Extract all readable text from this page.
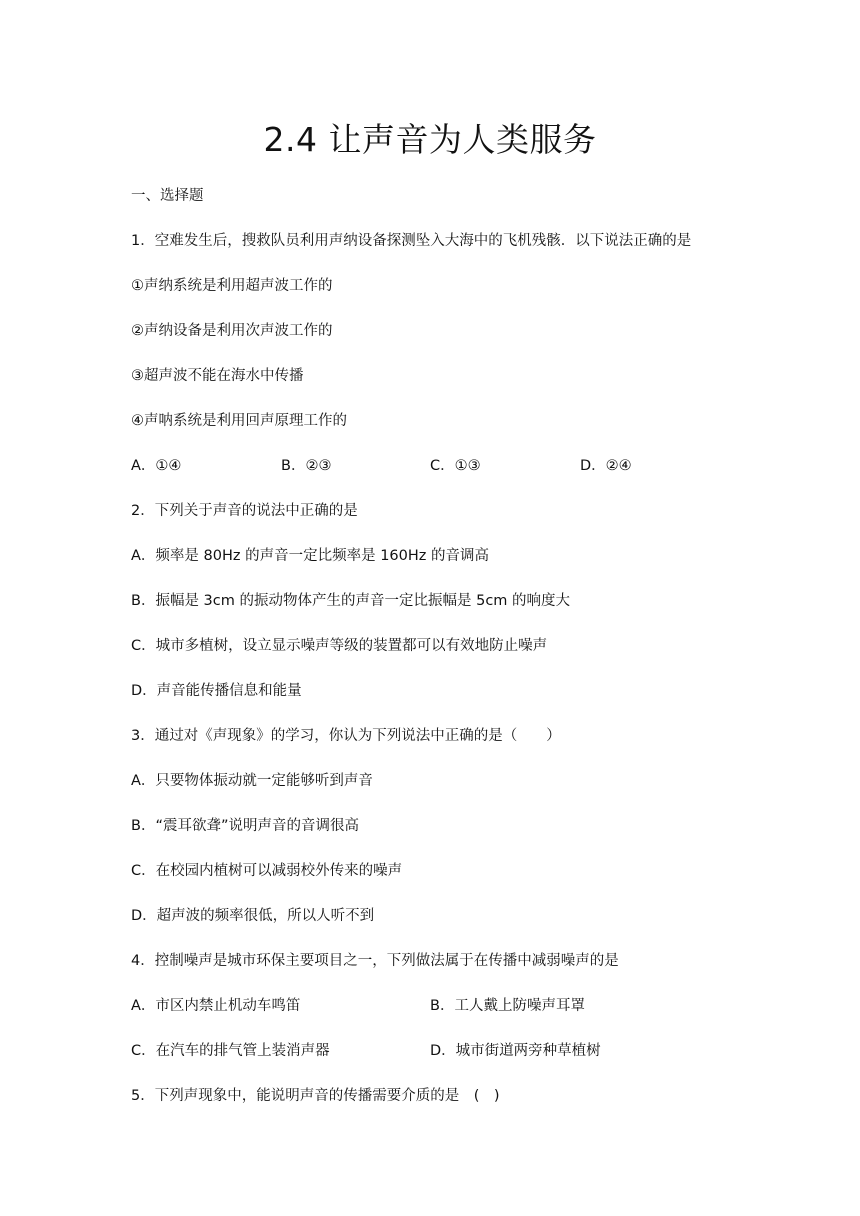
2.4 让声音为人类服务
一、选择题
1．空难发生后，搜救队员利用声纳设备探测坠入大海中的飞机残骸．以下说法正确的是
①声纳系统是利用超声波工作的
②声纳设备是利用次声波工作的
③超声波不能在海水中传播
④声呐系统是利用回声原理工作的
A．①④	B．②③	C．①③	D．②④
2．下列关于声音的说法中正确的是
A．频率是 80Hz 的声音一定比频率是 160Hz 的音调高
B．振幅是 3cm 的振动物体产生的声音一定比振幅是 5cm 的响度大
C．城市多植树，设立显示噪声等级的装置都可以有效地防止噪声
D．声音能传播信息和能量
3．通过对《声现象》的学习，你认为下列说法中正确的是（　　）
A．只要物体振动就一定能够听到声音
B．“震耳欲聋”说明声音的音调很高
C．在校园内植树可以减弱校外传来的噪声
D．超声波的频率很低，所以人听不到
4．控制噪声是城市环保主要项目之一，下列做法属于在传播中减弱噪声的是
A．市区内禁止机动车鸣笛	B．工人戴上防噪声耳罩
C．在汽车的排气管上装消声器	D．城市街道两旁种草植树
5．下列声现象中，能说明声音的传播需要介质的是　(　)
